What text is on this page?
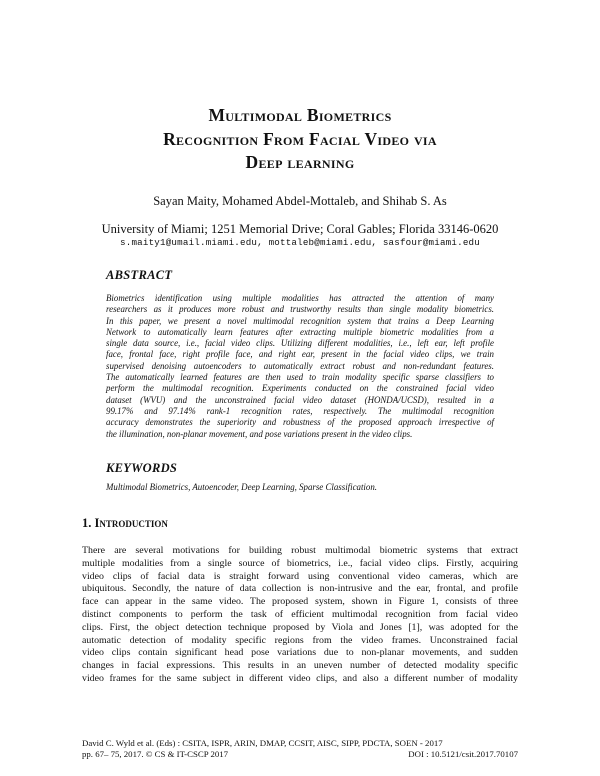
Multimodal Biometrics
Recognition From Facial Video via
Deep learning
Sayan Maity, Mohamed Abdel-Mottaleb, and Shihab S. As
University of Miami; 1251 Memorial Drive; Coral Gables; Florida 33146-0620
s.maity1@umail.miami.edu, mottaleb@miami.edu, sasfour@miami.edu
ABSTRACT
Biometrics identification using multiple modalities has attracted the attention of many
researchers as it produces more robust and trustworthy results than single modality biometrics.
In this paper, we present a novel multimodal recognition system that trains a Deep Learning
Network to automatically learn features after extracting multiple biometric modalities from a
single data source, i.e., facial video clips. Utilizing different modalities, i.e., left ear, left profile
face, frontal face, right profile face, and right ear, present in the facial video clips, we train
supervised denoising autoencoders to automatically extract robust and non-redundant features.
The automatically learned features are then used to train modality specific sparse classifiers to
perform the multimodal recognition. Experiments conducted on the constrained facial video
dataset (WVU) and the unconstrained facial video dataset (HONDA/UCSD), resulted in a
99.17% and 97.14% rank-1 recognition rates, respectively. The multimodal recognition
accuracy demonstrates the superiority and robustness of the proposed approach irrespective of
the illumination, non-planar movement, and pose variations present in the video clips.
KEYWORDS
Multimodal Biometrics, Autoencoder, Deep Learning, Sparse Classification.
1. Introduction
There are several motivations for building robust multimodal biometric systems that extract
multiple modalities from a single source of biometrics, i.e., facial video clips. Firstly, acquiring
video clips of facial data is straight forward using conventional video cameras, which are
ubiquitous. Secondly, the nature of data collection is non-intrusive and the ear, frontal, and profile
face can appear in the same video. The proposed system, shown in Figure 1, consists of three
distinct components to perform the task of efficient multimodal recognition from facial video
clips. First, the object detection technique proposed by Viola and Jones [1], was adopted for the
automatic detection of modality specific regions from the video frames. Unconstrained facial
video clips contain significant head pose variations due to non-planar movements, and sudden
changes in facial expressions. This results in an uneven number of detected modality specific
video frames for the same subject in different video clips, and also a different number of modality
David C. Wyld et al. (Eds) : CSITA, ISPR, ARIN, DMAP, CCSIT, AISC, SIPP, PDCTA, SOEN - 2017
pp. 67– 75, 2017. © CS & IT-CSCP 2017	DOI : 10.5121/csit.2017.70107
